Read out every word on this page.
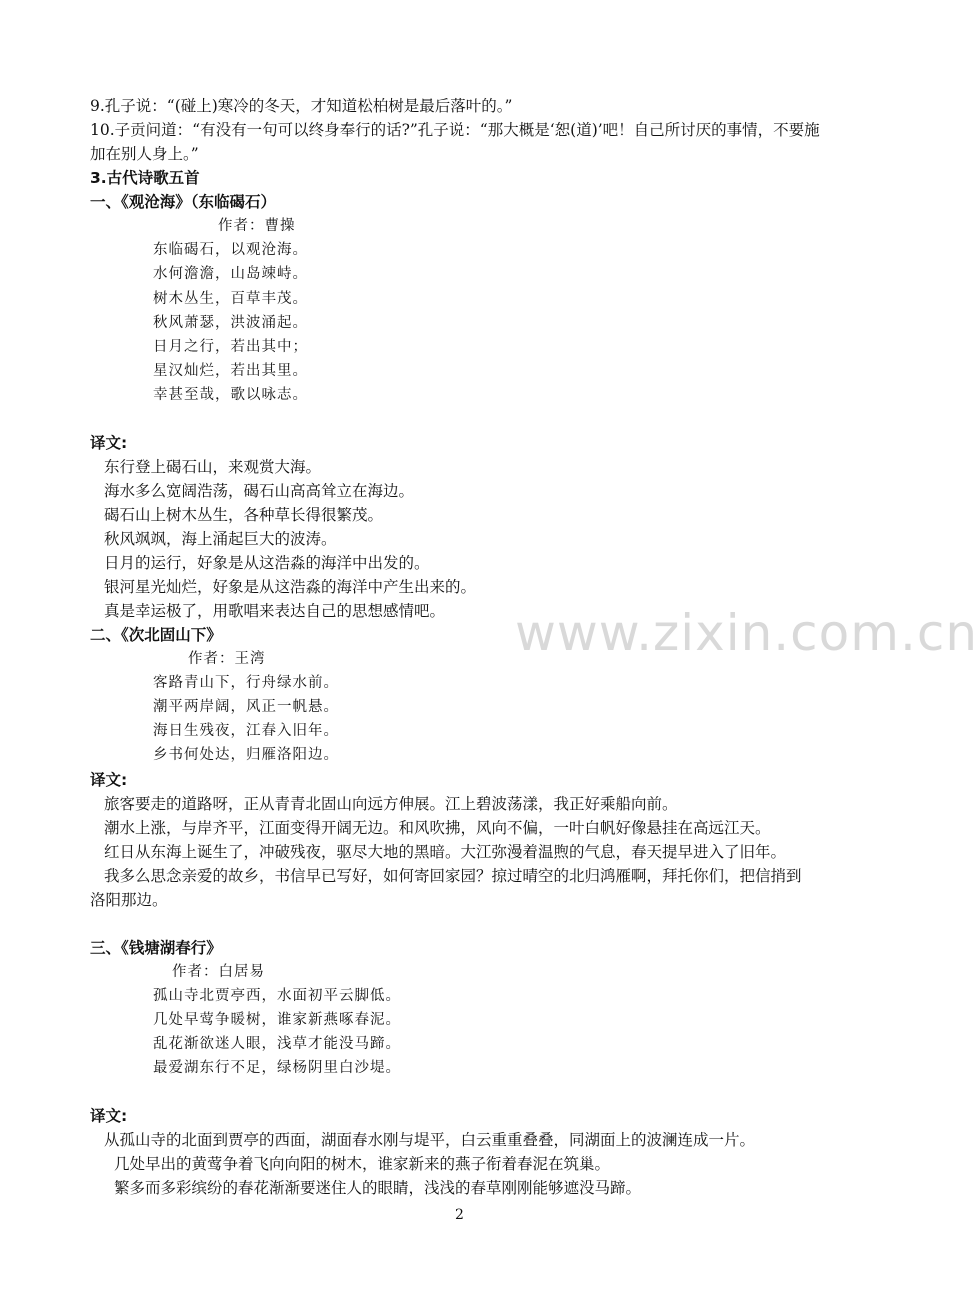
9.孔子说：“(碰上)寒冷的冬天，才知道松柏树是最后落叶的。”
10.子贡问道：“有没有一句可以终身奉行的话?”孔子说：“那大概是‘恕(道)’吧！自己所讨厌的事情，不要施
加在别人身上。”
3.古代诗歌五首
一、《观沧海》（东临碣石）
作者：曹操
东临碣石，以观沧海。
水何澹澹，山岛竦峙。
树木丛生，百草丰茂。
秋风萧瑟，洪波涌起。
日月之行，若出其中；
星汉灿烂，若出其里。
幸甚至哉，歌以咏志。
译文:
东行登上碣石山，来观赏大海。
海水多么宽阔浩荡，碣石山高高耸立在海边。
碣石山上树木丛生，各种草长得很繁茂。
秋风飒飒，海上涌起巨大的波涛。
日月的运行，好象是从这浩淼的海洋中出发的。
银河星光灿烂，好象是从这浩淼的海洋中产生出来的。
真是幸运极了，用歌唱来表达自己的思想感情吧。
二、《次北固山下》
作者：王湾
客路青山下，行舟绿水前。
潮平两岸阔，风正一帆悬。
海日生残夜，江春入旧年。
乡书何处达，归雁洛阳边。
译文:
旅客要走的道路呀，正从青青北固山向远方伸展。江上碧波荡漾，我正好乘船向前。
潮水上涨，与岸齐平，江面变得开阔无边。和风吹拂，风向不偏，一叶白帆好像悬挂在高远江天。
红日从东海上诞生了，冲破残夜，驱尽大地的黑暗。大江弥漫着温煦的气息，春天提早进入了旧年。
我多么思念亲爱的故乡，书信早已写好，如何寄回家园？掠过晴空的北归鸿雁啊，拜托你们，把信捎到
洛阳那边。
三、《钱塘湖春行》
作者：白居易
孤山寺北贾亭西，水面初平云脚低。
几处早莺争暖树，谁家新燕啄春泥。
乱花渐欲迷人眼，浅草才能没马蹄。
最爱湖东行不足，绿杨阴里白沙堤。
译文:
从孤山寺的北面到贾亭的西面，湖面春水刚与堤平，白云重重叠叠，同湖面上的波澜连成一片。
几处早出的黄莺争着飞向向阳的树木，谁家新来的燕子衔着春泥在筑巢。
繁多而多彩缤纷的春花渐渐要迷住人的眼睛，浅浅的春草刚刚能够遮没马蹄。
www.zixin.com.cn
2
